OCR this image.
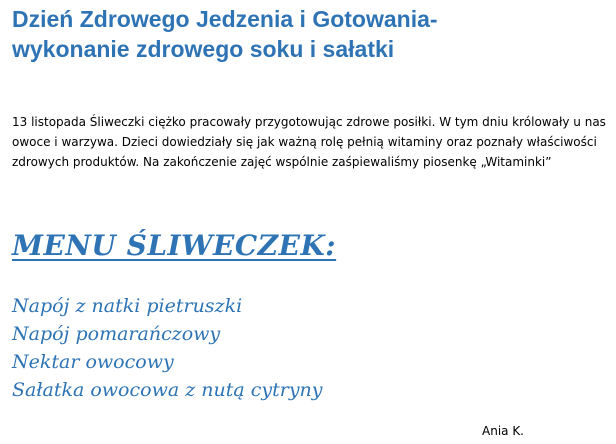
Dzień Zdrowego Jedzenia i Gotowania-
wykonanie zdrowego soku i sałatki

13 listopada Śliweczki ciężko pracowały przygotowując zdrowe posiłki. W tym dniu królowały u nas owoce i warzywa. Dzieci dowiedziały się jak ważną rolę pełnią witaminy oraz poznały właściwości zdrowych produktów. Na zakończenie zajęć wspólnie zaśpiewaliśmy piosenkę „Witaminki”

MENU ŚLIWECZEK:
Napój z natki pietruszki
Napój pomarańczowy
Nektar owocowy
Sałatka owocowa z nutą cytryny

Ania K.
